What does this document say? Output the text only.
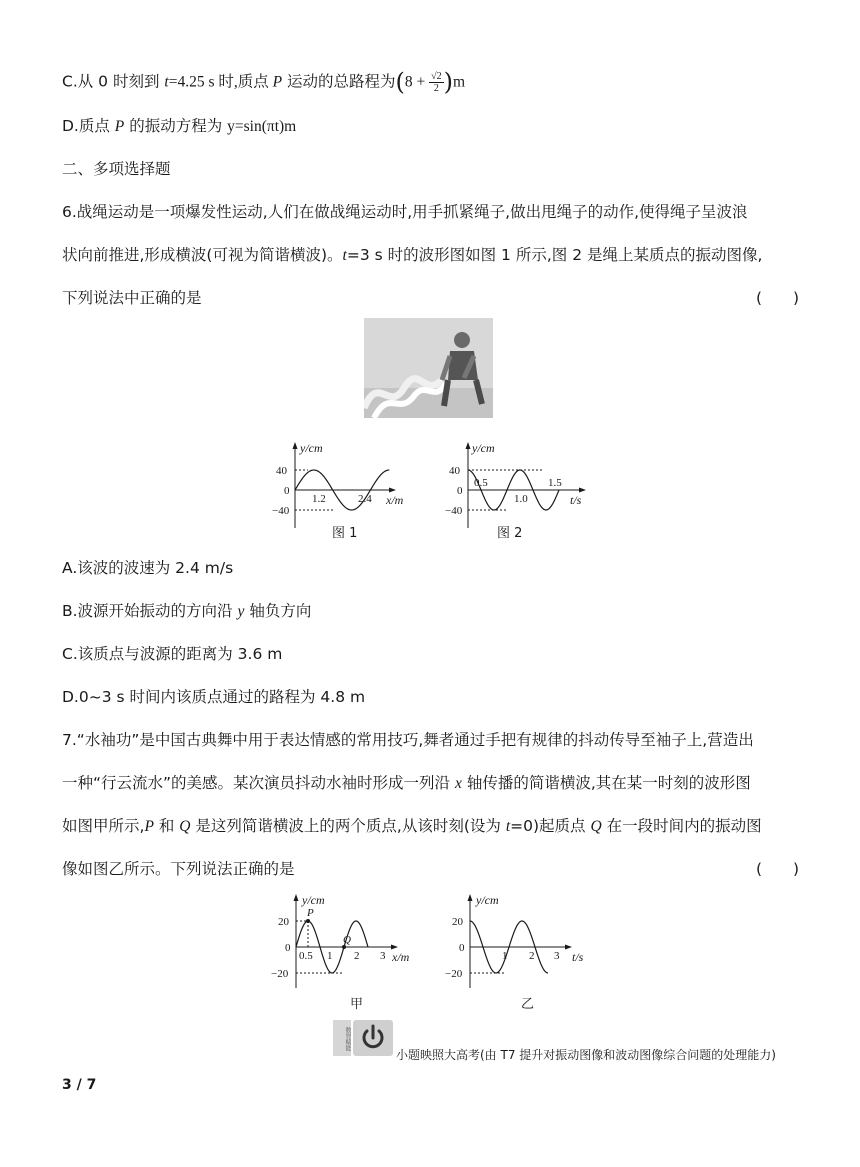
C.从 0 时刻到 t=4.25 s 时,质点 P 运动的总路程为$(8 + \frac{√2}{2} )m$
D.质点 P 的振动方程为 y=sin(πt)m
二、多项选择题
6.战绳运动是一项爆发性运动,人们在做战绳运动时,用手抓紧绳子,做出甩绳子的动作,使得绳子呈波浪
状向前推进,形成横波(可视为简谐横波)。t=3 s 时的波形图如图 1 所示,图 2 是绳上某质点的振动图像,
下列说法中正确的是	(　　)
y/cm
x/m
40
0
−40
1.2	2.4
图 1
y/cm
t/s
40
0
−40
0.5
1.0
1.5
图 2
A.该波的波速为 2.4 m/s
B.波源开始振动的方向沿 y 轴负方向
C.该质点与波源的距离为 3.6 m
D.0~3 s 时间内该质点通过的路程为 4.8 m
7.“水袖功”是中国古典舞中用于表达情感的常用技巧,舞者通过手把有规律的抖动传导至袖子上,营造出
一种“行云流水”的美感。某次演员抖动水袖时形成一列沿 x 轴传播的简谐横波,其在某一时刻的波形图
如图甲所示,P 和 Q 是这列简谐横波上的两个质点,从该时刻(设为 t=0)起质点 Q 在一段时间内的振动图
像如图乙所示。下列说法正确的是	(　　)
y/cm
x/m
20
0
−20
0.5 1 2 3
P
Q
甲
y/cm
t/s
20
0
−20
1 2 3
乙
数智赋能
小题映照大高考(由 T7 提升对振动图像和波动图像综合问题的处理能力)
3 / 7
